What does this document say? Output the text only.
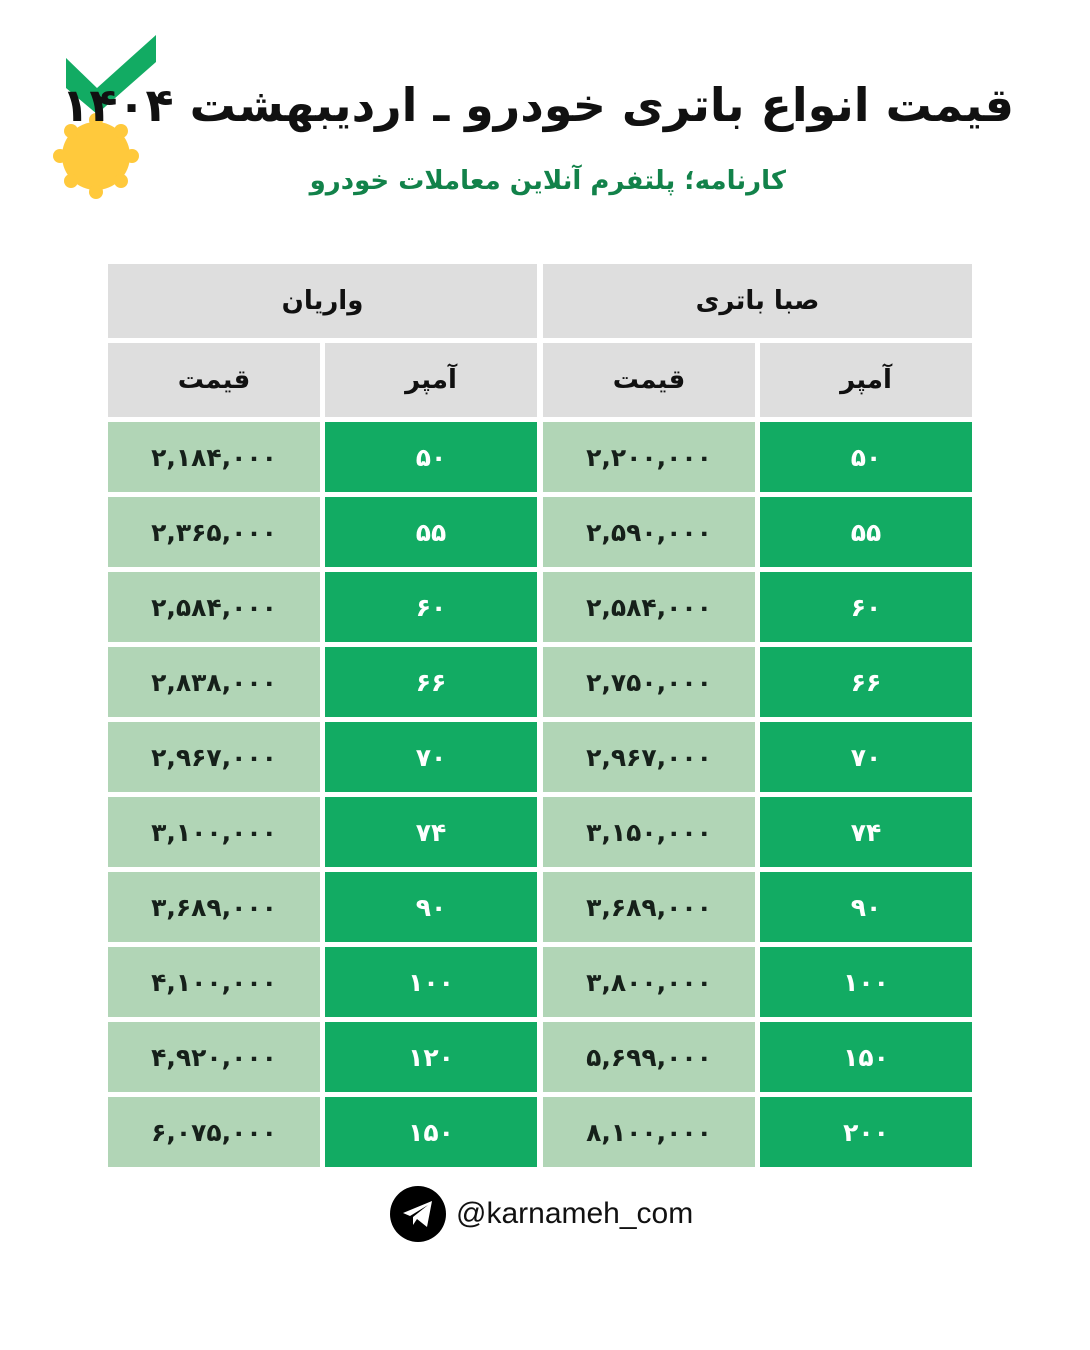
قیمت انواع باتری خودرو ـ اردیبهشت ۱۴۰۴
کارنامه؛ پلتفرم آنلاین معاملات خودرو
صبا باتری
آمپر
قیمت
۵۰
۲,۲۰۰,۰۰۰
۵۵
۲,۵۹۰,۰۰۰
۶۰
۲,۵۸۴,۰۰۰
۶۶
۲,۷۵۰,۰۰۰
۷۰
۲,۹۶۷,۰۰۰
۷۴
۳,۱۵۰,۰۰۰
۹۰
۳,۶۸۹,۰۰۰
۱۰۰
۳,۸۰۰,۰۰۰
۱۵۰
۵,۶۹۹,۰۰۰
۲۰۰
۸,۱۰۰,۰۰۰
واریان
آمپر
قیمت
۵۰
۲,۱۸۴,۰۰۰
۵۵
۲,۳۶۵,۰۰۰
۶۰
۲,۵۸۴,۰۰۰
۶۶
۲,۸۳۸,۰۰۰
۷۰
۲,۹۶۷,۰۰۰
۷۴
۳,۱۰۰,۰۰۰
۹۰
۳,۶۸۹,۰۰۰
۱۰۰
۴,۱۰۰,۰۰۰
۱۲۰
۴,۹۲۰,۰۰۰
۱۵۰
۶,۰۷۵,۰۰۰
@karnameh_com
